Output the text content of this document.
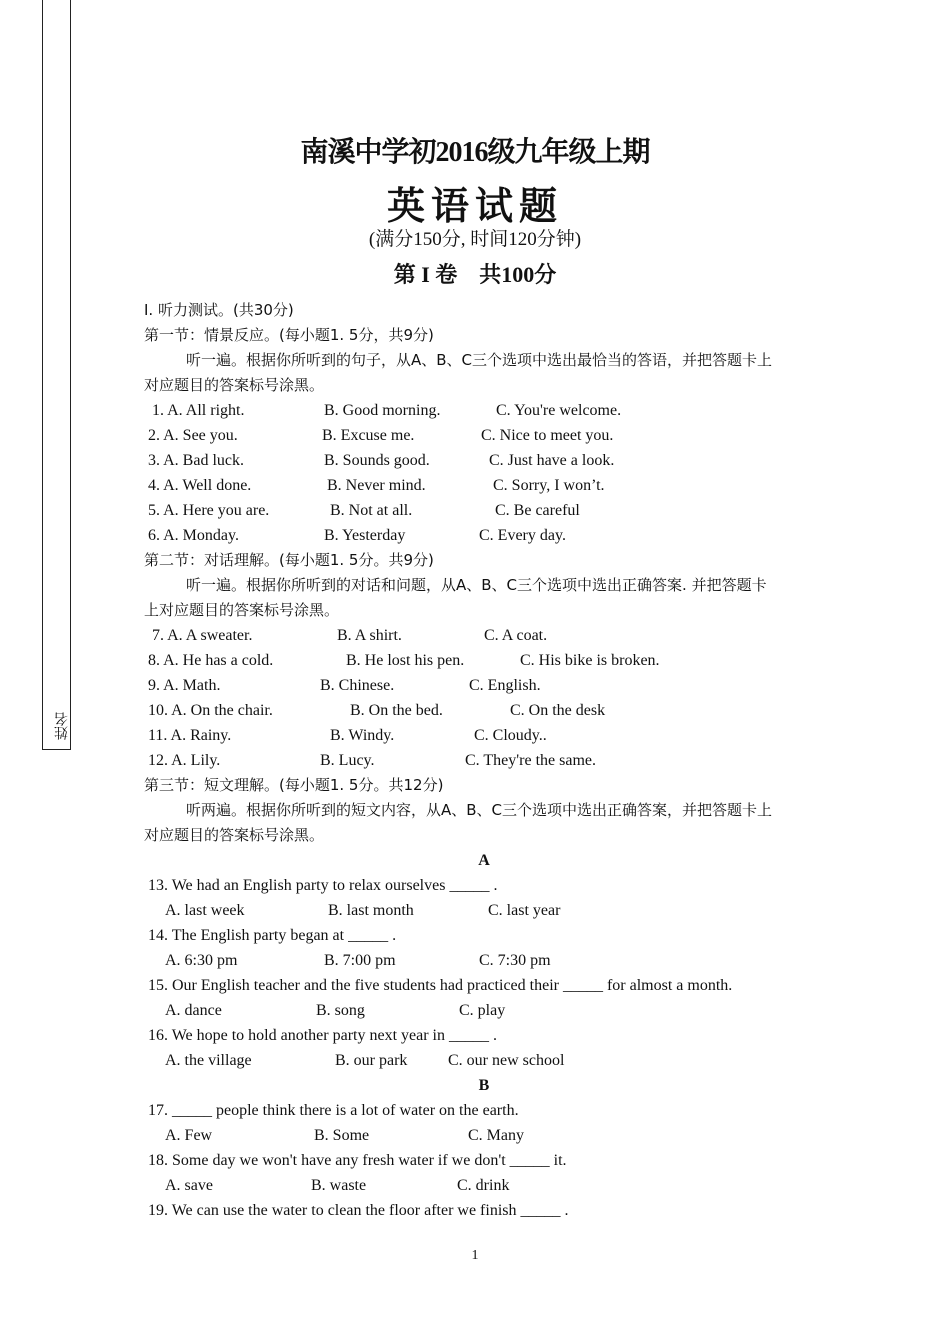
姓名
南溪中学初2016级九年级上期
英语试题
(满分150分, 时间120分钟)
第 I 卷　共100分
Ⅰ. 听力测试。(共30分)
第一节：情景反应。(每小题1. 5分，共9分)
听一遍。根据你所听到的句子，从A、B、C三个选项中选出最恰当的答语，并把答题卡上
对应题目的答案标号涂黑。
1. A. All right.	B. Good morning.	C. You're welcome.
2. A. See you.	B. Excuse me.	C. Nice to meet you.
3. A. Bad luck.	B. Sounds good.	C. Just have a look.
4. A. Well done.	B. Never mind.	C. Sorry, I won’t.
5. A. Here you are.	B. Not at all.	C. Be careful
6. A. Monday.	B. Yesterday	C. Every day.
第二节：对话理解。(每小题1. 5分。共9分)
听一遍。根据你所听到的对话和问题，从A、B、C三个选项中选出正确答案. 并把答题卡
上对应题目的答案标号涂黑。
7. A. A sweater.	B. A shirt.	C. A coat.
8. A. He has a cold.	B. He lost his pen.	C. His bike is broken.
9. A. Math.	B. Chinese.	C. English.
10. A. On the chair.	B. On the bed.	C. On the desk
11. A. Rainy.	B. Windy.	C. Cloudy..
12. A. Lily.	B. Lucy.	C. They're the same.
第三节：短文理解。(每小题1. 5分。共12分)
听两遍。根据你所听到的短文内容，从A、B、C三个选项中选出正确答案，并把答题卡上
对应题目的答案标号涂黑。
A
13. We had an English party to relax ourselves _____ .
A. last week	B. last month	C. last year
14. The English party began at _____ .
A. 6:30 pm	B. 7:00 pm	C. 7:30 pm
15. Our English teacher and the five students had practiced their _____ for almost a month.
A. dance	B. song	C. play
16. We hope to hold another party next year in _____ .
A. the village	B. our park	C. our new school
B
17. _____ people think there is a lot of water on the earth.
A. Few	B. Some	C. Many
18. Some day we won't have any fresh water if we don't _____ it.
A. save	B. waste	C. drink
19. We can use the water to clean the floor after we finish _____ .
1
